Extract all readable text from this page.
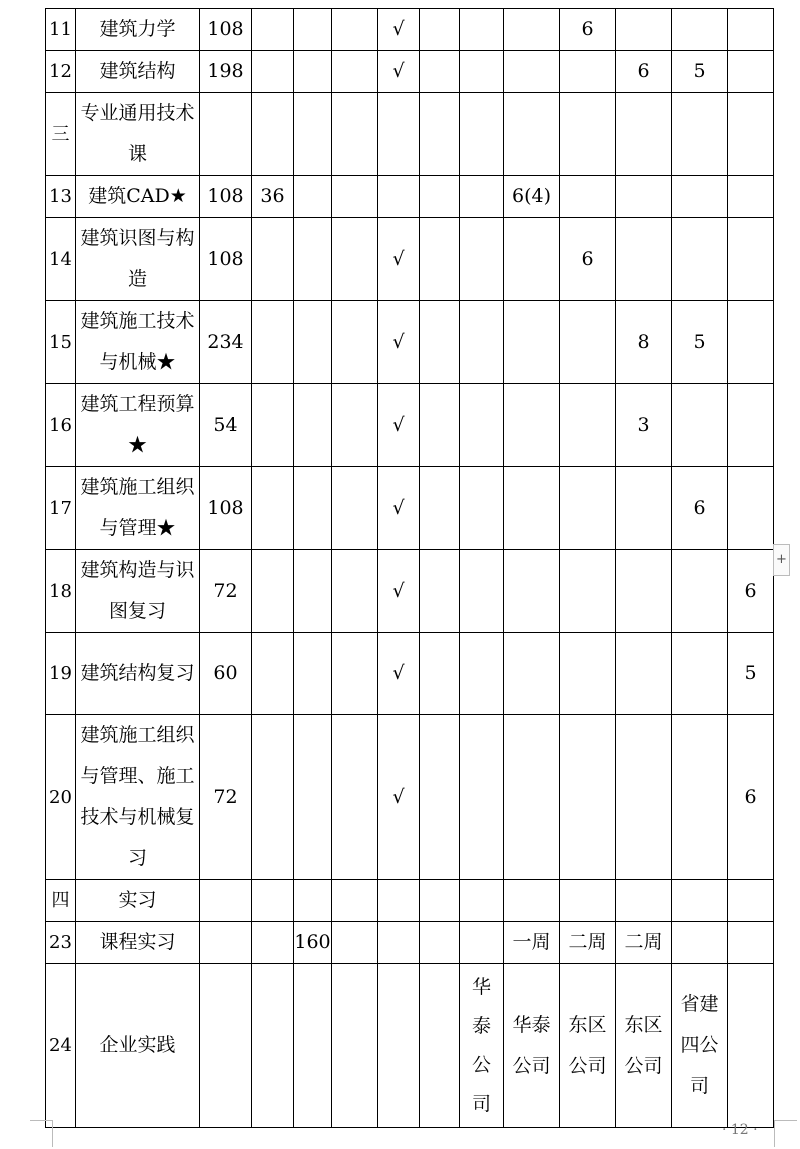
11	建筑力学	108				√				6			
12	建筑结构	198				√					6	5	
三	专业通用技术课												
13	建筑CAD★	108	36						6(4)				
14	建筑识图与构造	108				√				6			
15	建筑施工技术与机械★	234				√					8	5	
16	建筑工程预算★	54				√					3		
17	建筑施工组织与管理★	108				√						6	
18	建筑构造与识图复习	72				√							6
19	建筑结构复习	60				√							5
20	建筑施工组织与管理、施工技术与机械复习	72				√							6
四	实习												
23	课程实习			160					一周	二周	二周		
24	企业实践							华泰公司	华泰公司	东区公司	东区公司	省建四公司	
+
· 12 ·
